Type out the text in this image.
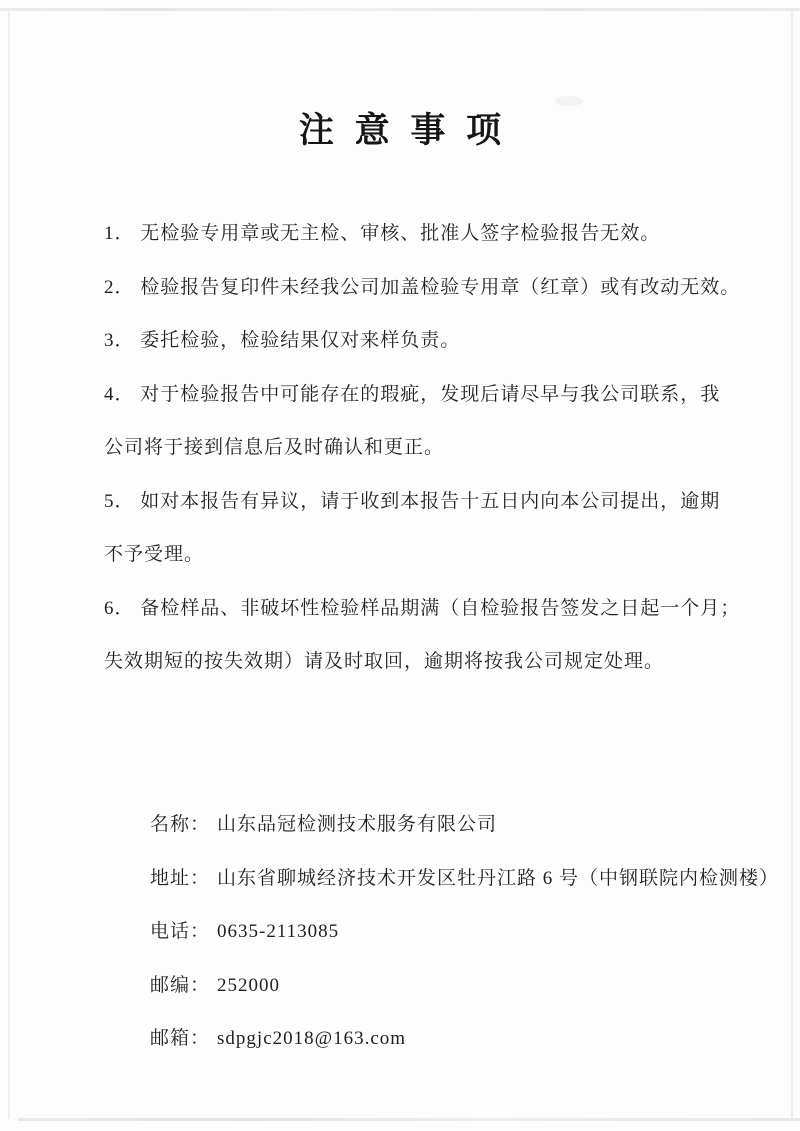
注 意 事 项
1． 无检验专用章或无主检、审核、批准人签字检验报告无效。
2． 检验报告复印件未经我公司加盖检验专用章（红章）或有改动无效。
3． 委托检验，检验结果仅对来样负责。
4． 对于检验报告中可能存在的瑕疵，发现后请尽早与我公司联系，我
公司将于接到信息后及时确认和更正。
5． 如对本报告有异议，请于收到本报告十五日内向本公司提出，逾期
不予受理。
6． 备检样品、非破坏性检验样品期满（自检验报告签发之日起一个月；
失效期短的按失效期）请及时取回，逾期将按我公司规定处理。

名称： 山东品冠检测技术服务有限公司

地址： 山东省聊城经济技术开发区牡丹江路 6 号（中钢联院内检测楼）

电话： 0635-2113085

邮编： 252000

邮箱： sdpgjc2018@163.com
